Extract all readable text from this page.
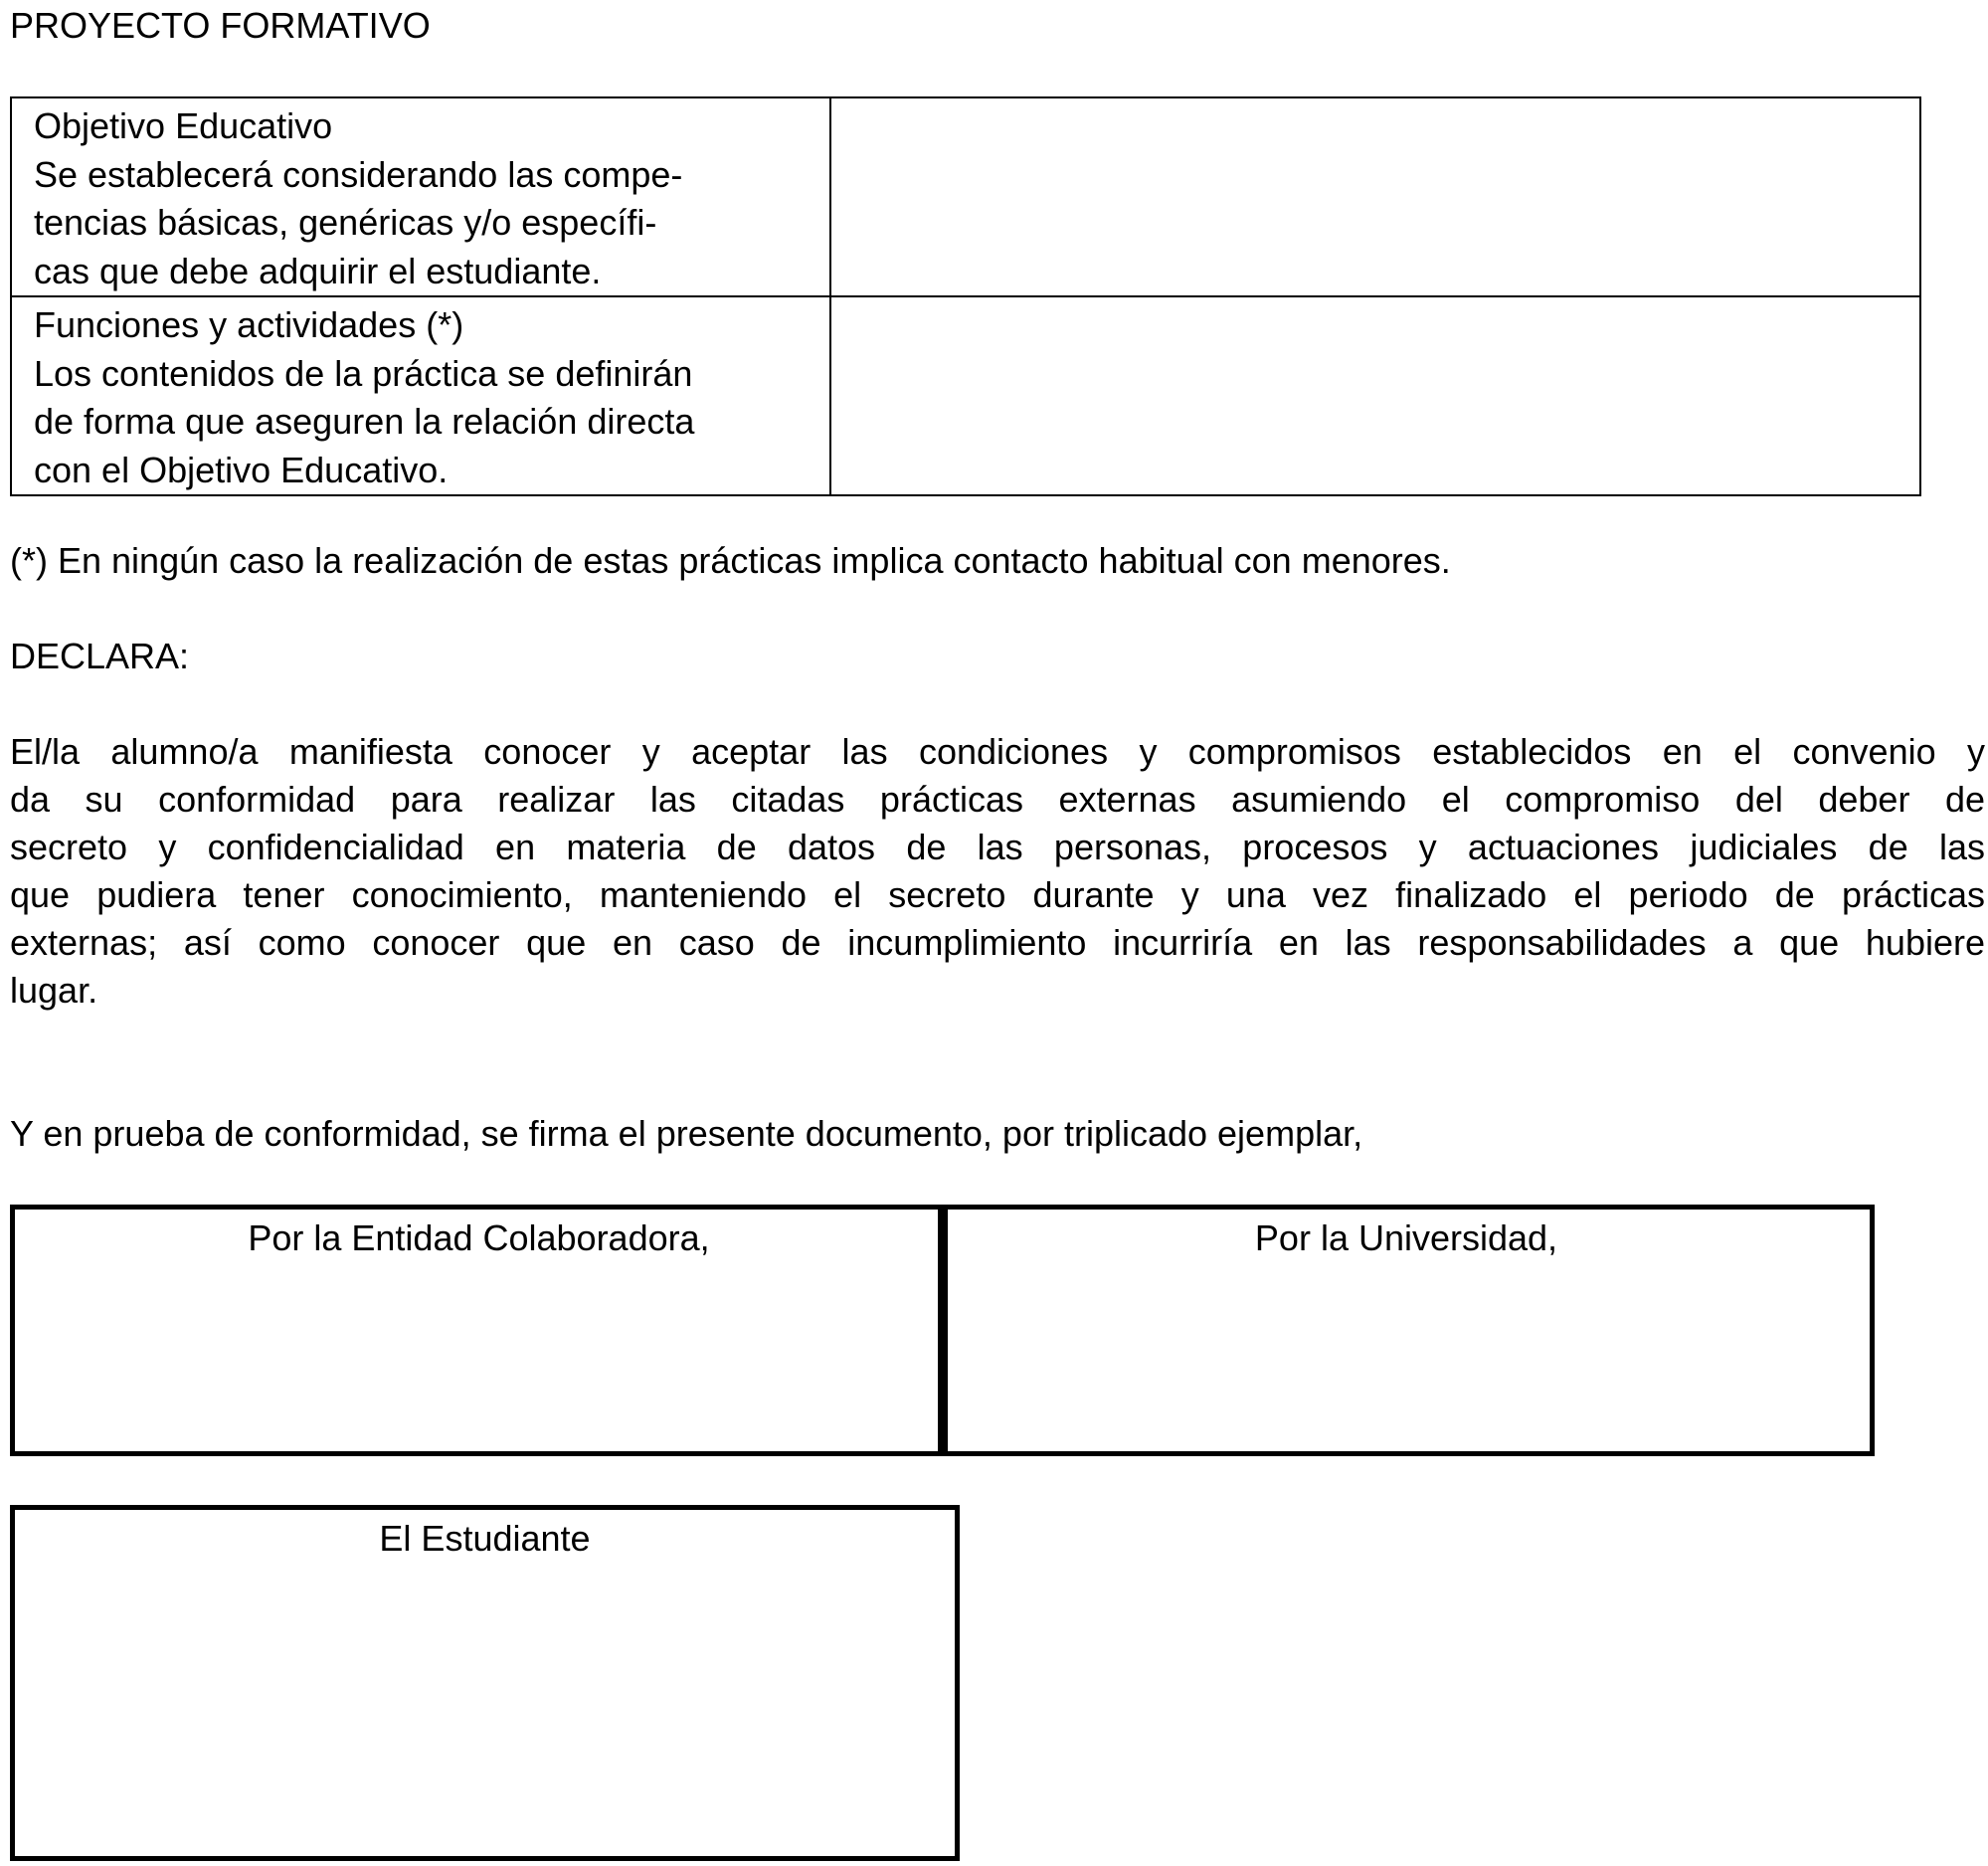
PROYECTO FORMATIVO
Objetivo Educativo
Se establecerá considerando las compe-
tencias básicas, genéricas y/o específi-
cas que debe adquirir el estudiante.	

Funciones y actividades (*)
Los contenidos de la práctica se definirán
de forma que aseguren la relación directa
con el Objetivo Educativo.	

(*) En ningún caso la realización de estas prácticas implica contacto habitual con menores.
DECLARA:
El/la alumno/a manifiesta conocer y aceptar las condiciones y compromisos establecidos en el convenio y
da su conformidad para realizar las citadas prácticas externas asumiendo el compromiso del deber de
secreto y confidencialidad en materia de datos de las personas, procesos y actuaciones judiciales de las
que pudiera tener conocimiento, manteniendo el secreto durante y una vez finalizado el periodo de prácticas
externas; así como conocer que en caso de incumplimiento incurriría en las responsabilidades a que hubiere
lugar.
Y en prueba de conformidad, se firma el presente documento, por triplicado ejemplar,
Por la Entidad Colaboradora,	Por la Universidad,
El Estudiante
